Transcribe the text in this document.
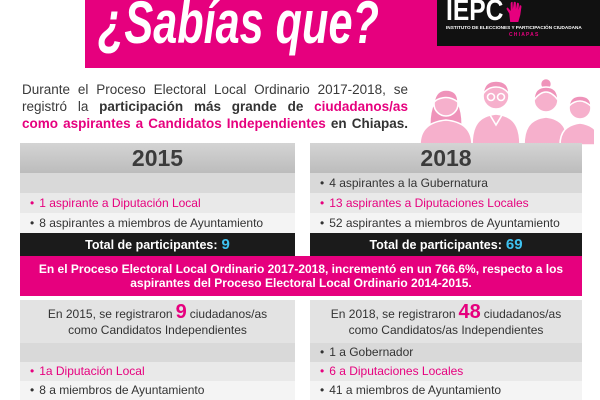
¿Sabías que? IEPC
INSTITUTO DE ELECCIONES Y PARTICIPACIÓN CIUDADANA
CHIAPAS
Durante el Proceso Electoral Local Ordinario 2017-2018, se
registró la participación más grande de ciudadanos/as
como aspirantes a Candidatos Independientes en Chiapas.
2015
• 1 aspirante a Diputación Local
• 8 aspirantes a miembros de Ayuntamiento
Total de participantes: 9
2018
• 4 aspirantes a la Gubernatura
• 13 aspirantes a Diputaciones Locales
• 52 aspirantes a miembros de Ayuntamiento
Total de participantes: 69
En el Proceso Electoral Local Ordinario 2017-2018, incrementó en un 766.6%, respecto a los aspirantes del Proceso Electoral Local Ordinario 2014-2015.
En 2015, se registraron 9 ciudadanos/as
como Candidatos Independientes
• 1a Diputación Local
• 8 a miembros de Ayuntamiento
En 2018, se registraron 48 ciudadanos/as
como Candidatos/as Independientes
• 1 a Gobernador
• 6 a Diputaciones Locales
• 41 a miembros de Ayuntamiento
